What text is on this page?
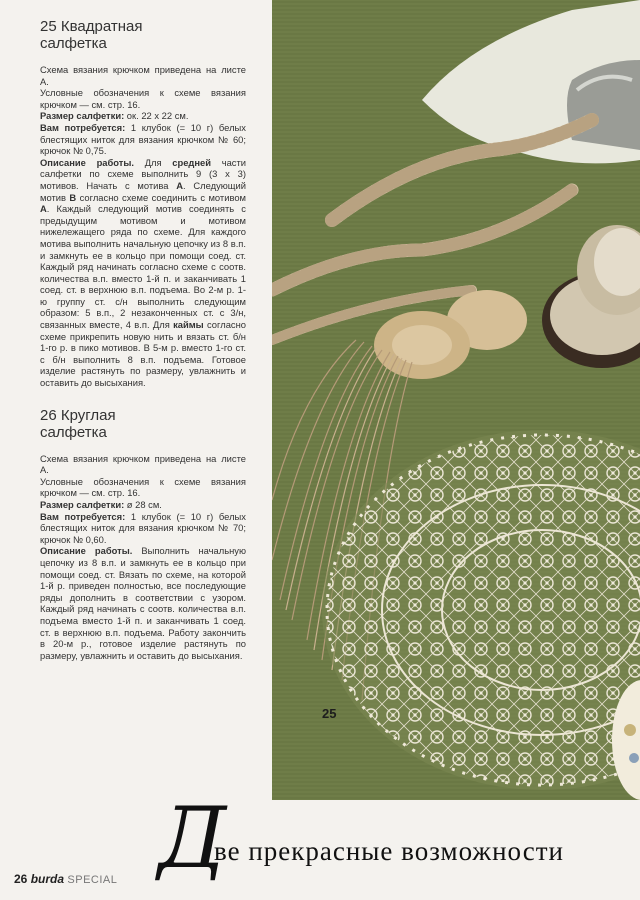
25 Квадратная
салфетка

Схема вязания крючком приведена на листе А.

Условные обозначения к схеме вязания крючком — см. стр. 16.

Размер салфетки: ок. 22 x 22 см.

Вам потребуется: 1 клубок (= 10 г) белых блестящих ниток для вязания крючком № 60; крючок № 0,75.

Описание работы. Для средней части салфетки по схеме выполнить 9 (3 x 3) мотивов. Начать с мотива А. Следующий мотив В согласно схеме соединить с мотивом А. Каждый следующий мотив соединять с предыдущим мотивом и мотивом нижележащего ряда по схеме. Для каждого мотива выполнить начальную цепочку из 8 в.п. и замкнуть ее в кольцо при помощи соед. ст. Каждый ряд начинать согласно схеме с соотв. количества в.п. вместо 1-й п. и заканчивать 1 соед. ст. в верхнюю в.п. подъема. Во 2-м р. 1-ю группу ст. с/н выполнить следующим образом: 5 в.п., 2 незаконченных ст. с 3/н, связанных вместе, 4 в.п. Для каймы согласно схеме прикрепить новую нить и вязать ст. б/н 1-го р. в пико мотивов. В 5-м р. вместо 1-го ст. с б/н выполнить 8 в.п. подъема. Готовое изделие растянуть по размеру, увлажнить и оставить до высыхания.

26 Круглая
салфетка

Схема вязания крючком приведена на листе А.

Условные обозначения к схеме вязания крючком — см. стр. 16.

Размер салфетки: ø 28 см.

Вам потребуется: 1 клубок (= 10 г) белых блестящих ниток для вязания крючком № 70; крючок № 0,60.

Описание работы. Выполнить начальную цепочку из 8 в.п. и замкнуть ее в кольцо при помощи соед. ст. Вязать по схеме, на которой 1-й р. приведен полностью, все последующие ряды дополнить в соответствии с узором. Каждый ряд начинать с соотв. количества в.п. подъема вместо 1-й п. и заканчивать 1 соед. ст. в верхнюю в.п. подъема. Работу закончить в 20-м р., готовое изделие растянуть по размеру, увлажнить и оставить до высыхания.

25
Д
ве прекрасные возможности
26 burda SPECIAL
